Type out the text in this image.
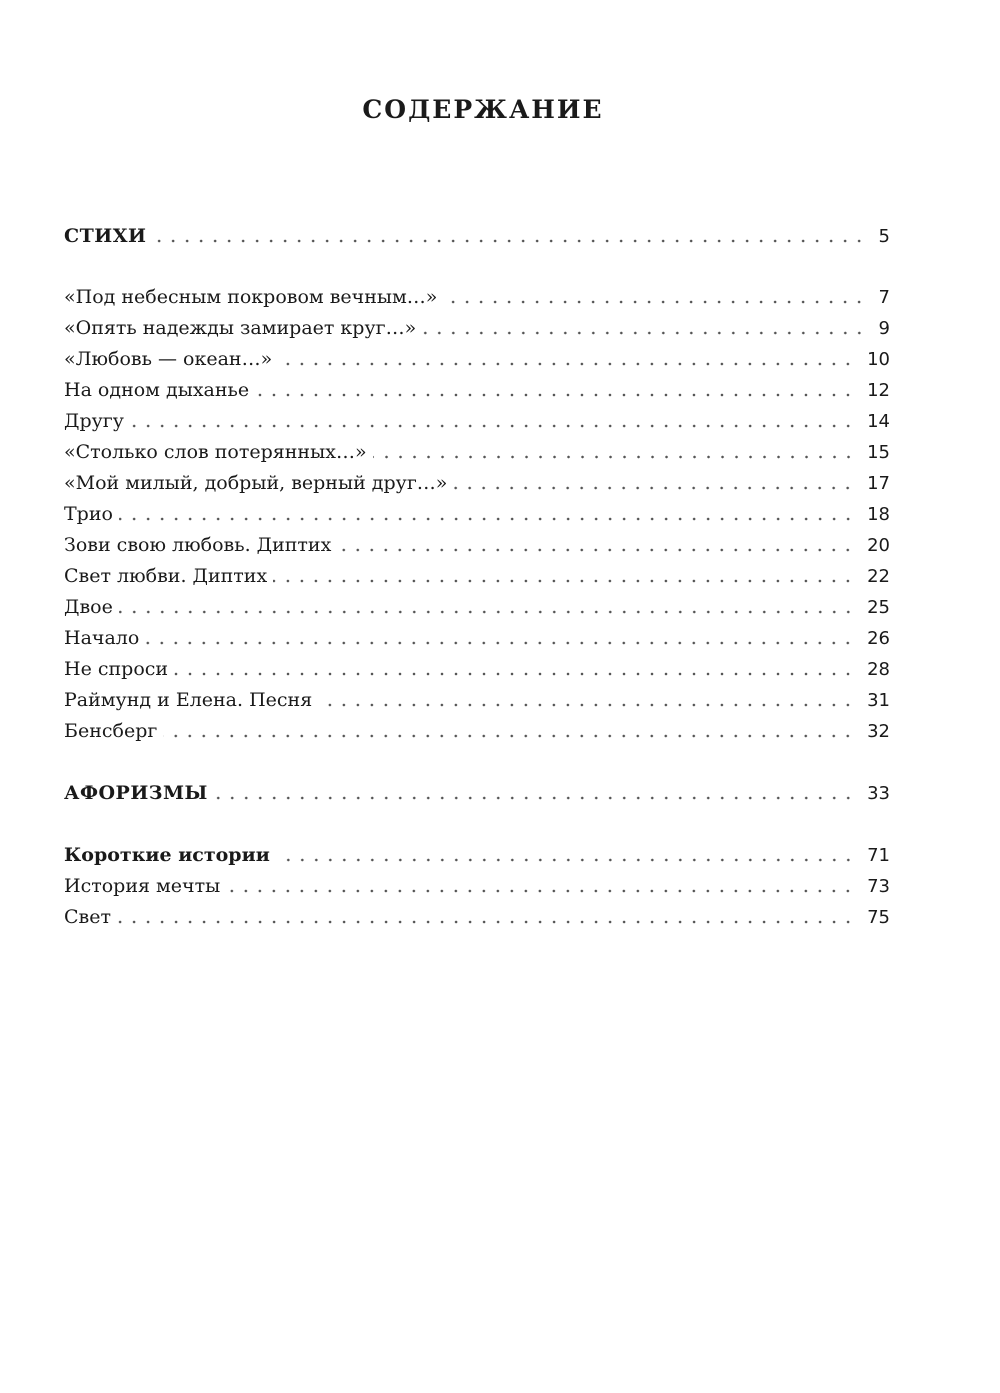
СОДЕРЖАНИЕ
СТИХИ	5
«Под небесным покровом вечным…»	7
«Опять надежды замирает круг…»	9
«Любовь — океан…»	10
На одном дыханье	12
Другу	14
«Столько слов потерянных…»	15
«Мой милый, добрый, верный друг…»	17
Трио	18
Зови свою любовь. Диптих	20
Свет любви. Диптих	22
Двое	25
Начало	26
Не спроси	28
Раймунд и Елена. Песня	31
Бенсберг	32
АФОРИЗМЫ	33
Короткие истории	71
История мечты	73
Свет	75
